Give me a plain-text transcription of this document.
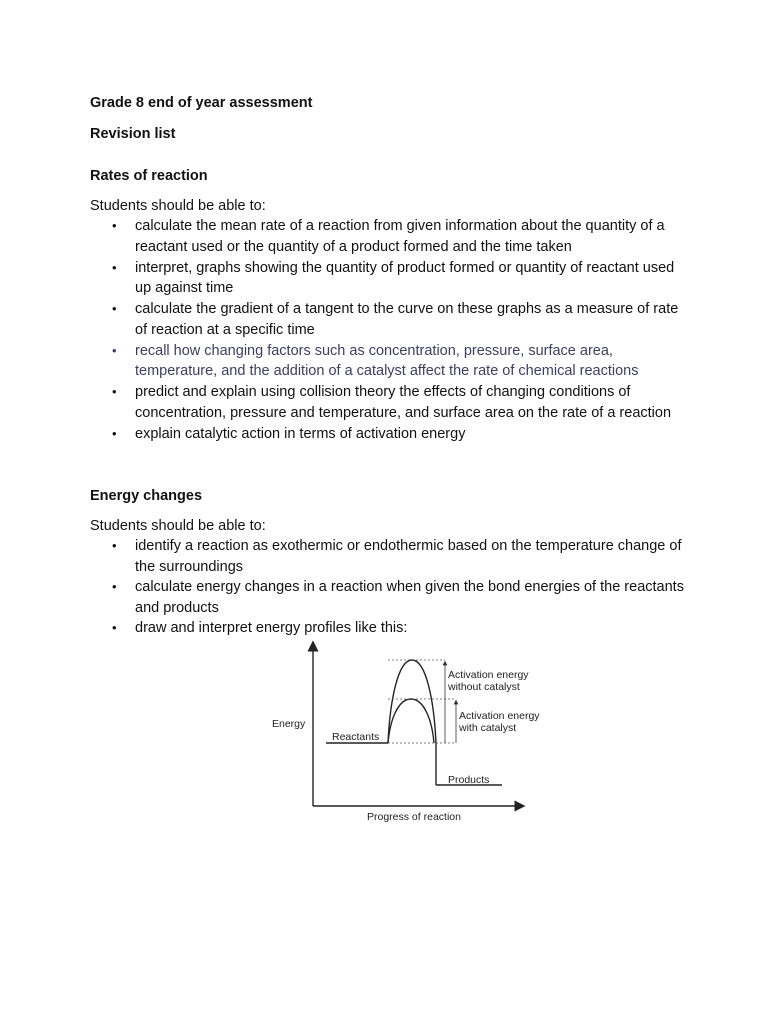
Grade 8 end of year assessment

Revision list

Rates of reaction

Students should be able to:

• calculate the mean rate of a reaction from given information about the quantity of a reactant used or the quantity of a product formed and the time taken
• interpret, graphs showing the quantity of product formed or quantity of reactant used up against time
• calculate the gradient of a tangent to the curve on these graphs as a measure of rate of reaction at a specific time
• recall how changing factors such as concentration, pressure, surface area, temperature, and the addition of a catalyst affect the rate of chemical reactions
• predict and explain using collision theory the effects of changing conditions of concentration, pressure and temperature, and surface area on the rate of a reaction
• explain catalytic action in terms of activation energy

Energy changes

Students should be able to:

• identify a reaction as exothermic or endothermic based on the temperature change of the surroundings
• calculate energy changes in a reaction when given the bond energies of the reactants and products
• draw and interpret energy profiles like this:
Energy
Progress of reaction
Reactants
Products
Activation energy
without catalyst
Activation energy
with catalyst
